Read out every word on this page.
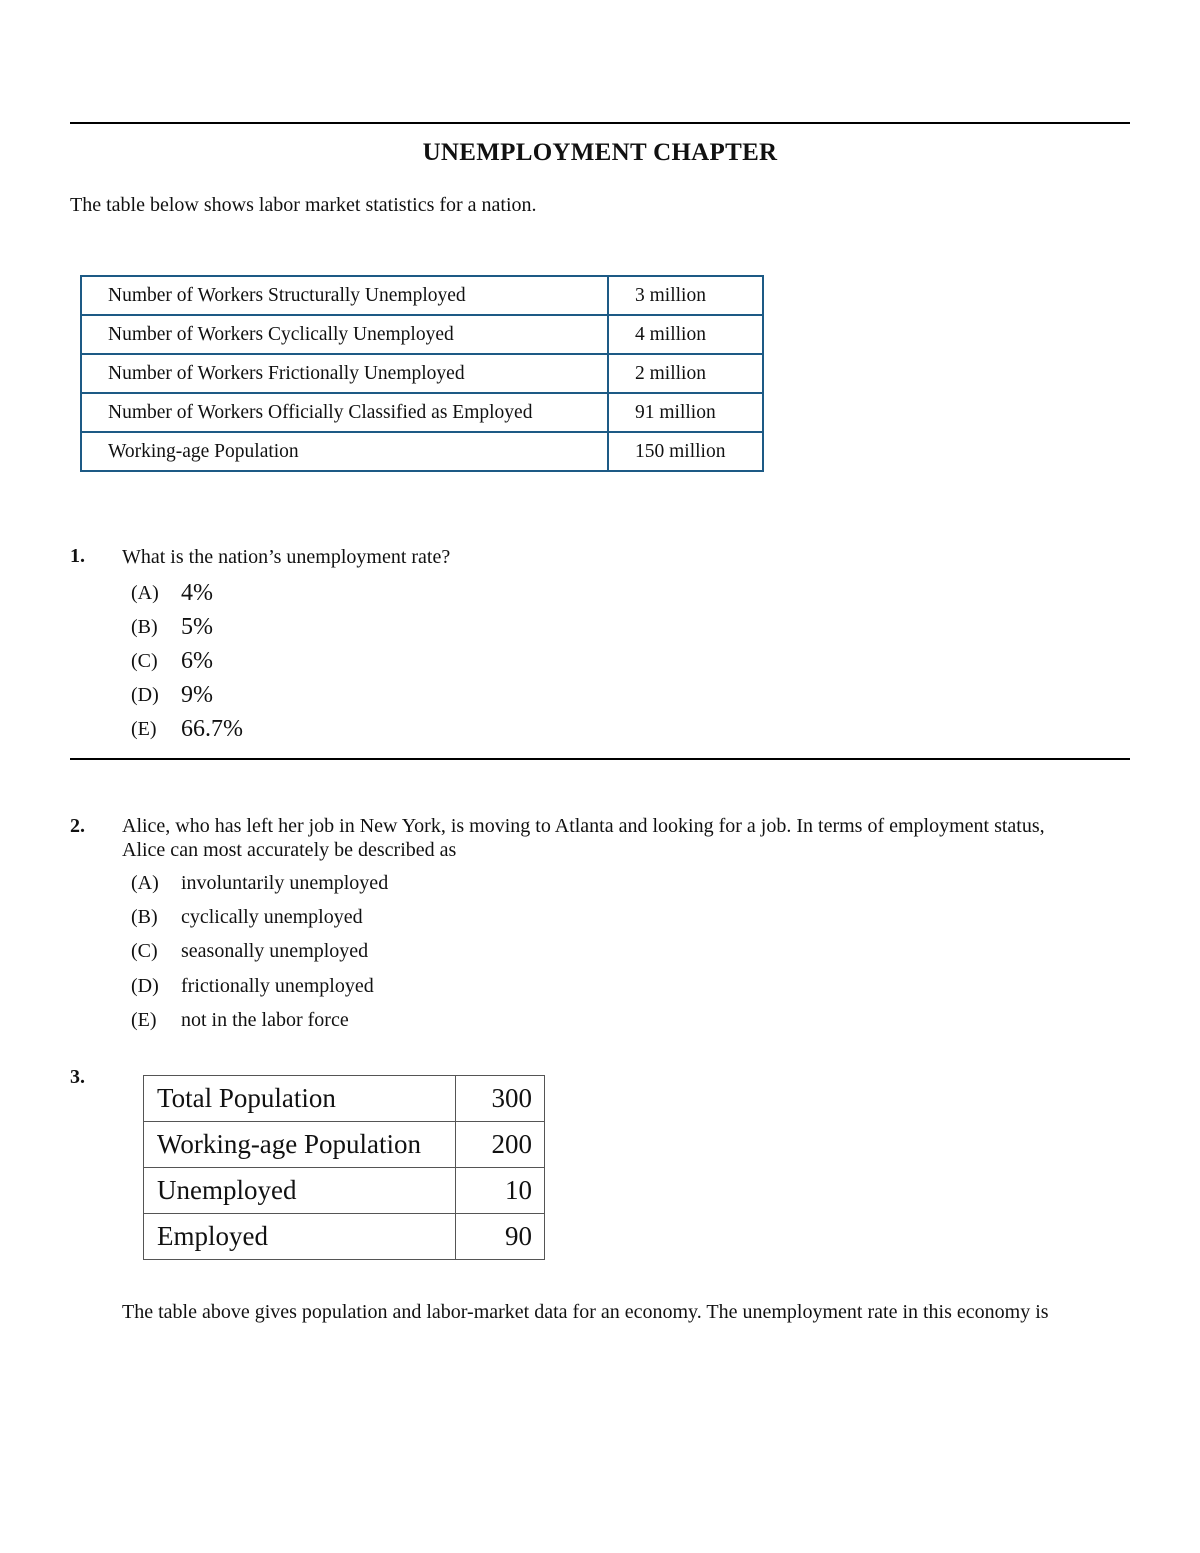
UNEMPLOYMENT CHAPTER
The table below shows labor market statistics for a nation.
Number of Workers Structurally Unemployed	3 million
Number of Workers Cyclically Unemployed	4 million
Number of Workers Frictionally Unemployed	2 million
Number of Workers Officially Classified as Employed	91 million
Working-age Population	150 million
1. What is the nation’s unemployment rate?
(A) 4%
(B) 5%
(C) 6%
(D) 9%
(E)	66.7%
2. Alice, who has left her job in New York, is moving to Atlanta and looking for a job. In terms of employment status,
Alice can most accurately be described as
(A)	involuntarily unemployed
(B)	cyclically unemployed
(C)	seasonally unemployed
(D)	frictionally unemployed
(E)	not in the labor force
3.
Total Population	300
Working-age Population	200
Unemployed	10
Employed	90
The table above gives population and labor-market data for an economy. The unemployment rate in this economy is
